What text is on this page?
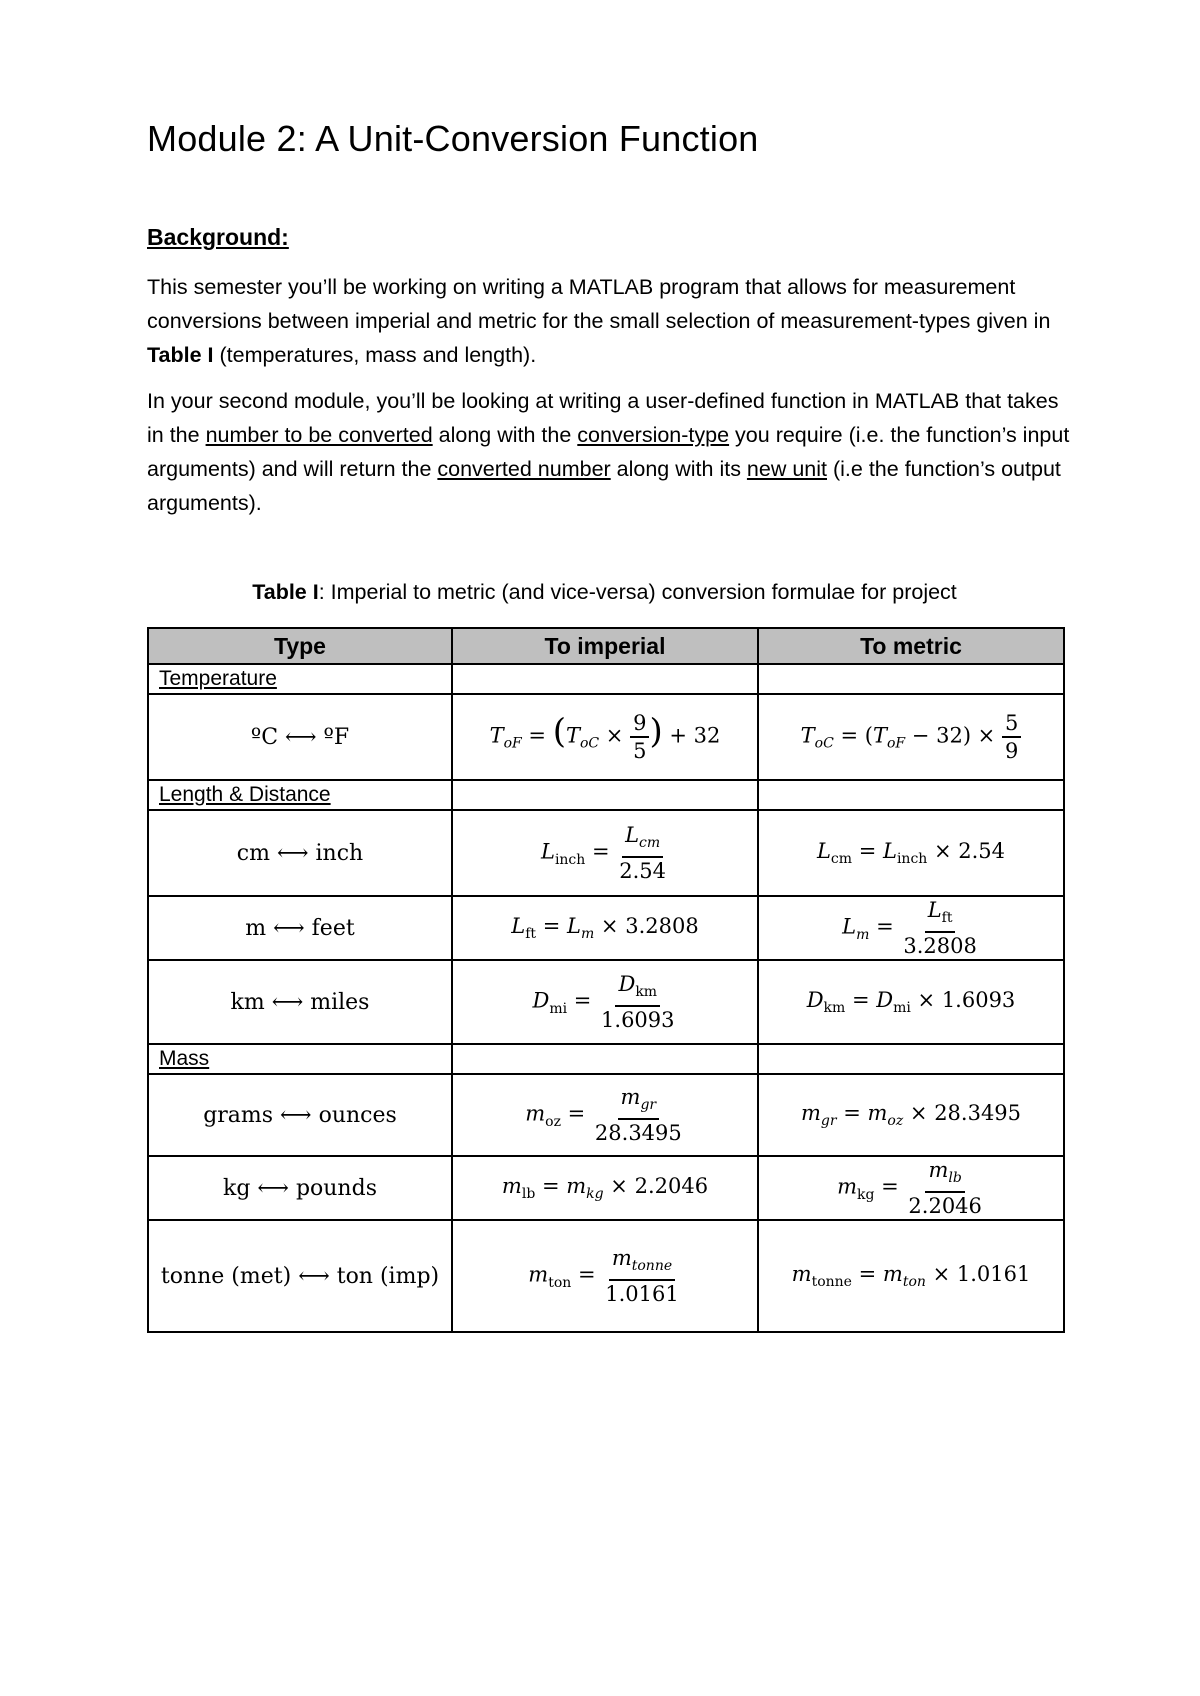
Module 2: A Unit-Conversion Function
Background:
This semester you’ll be working on writing a MATLAB program that allows for measurement conversions between imperial and metric for the small selection of measurement-types given in Table I (temperatures, mass and length).
In your second module, you’ll be looking at writing a user-defined function in MATLAB that takes in the number to be converted along with the conversion-type you require (i.e. the function’s input arguments) and will return the converted number along with its new unit (i.e the function’s output arguments).
Table I: Imperial to metric (and vice-versa) conversion formulae for project
Type	To imperial	To metric
Temperature		
ºC ⟷ ºF	$T_{oF} = (T_{oC} \times \frac{9}{5}$ ) + 32	$T_{oC} = (T_{oF} - 32) \times \frac{5}{9}$

Length & Distance		
cm ⟷ inch	$L_{inch} = \frac{L_{cm}}{2.54}$	$L_{cm} = L_{inch} \times 2.54$
m ⟷ feet	$L_{ft} = L_m \times 3.2808$	$L_m = \frac{L_{ft}}{3.2808}$

km ⟷ miles	$D_{mi} = \frac{D_{km}}{1.6093}$	$D_{km} = D_{mi} \times 1.6093$
Mass		
grams ⟷ ounces	$m_{oz} = \frac{m_{gr}}{28.3495}$	$m_{gr} = m_{oz} \times 28.3495$
kg ⟷ pounds	$m_{lb} = m_{kg} \times 2.2046$	$m_{kg} = \frac{m_{lb}}{2.2046}$

tonne (met) ⟷ ton (imp)	$m_{ton} = \frac{m_{tonne}}{1.0161}$	$m_{tonne} = m_{ton} \times 1.0161$
